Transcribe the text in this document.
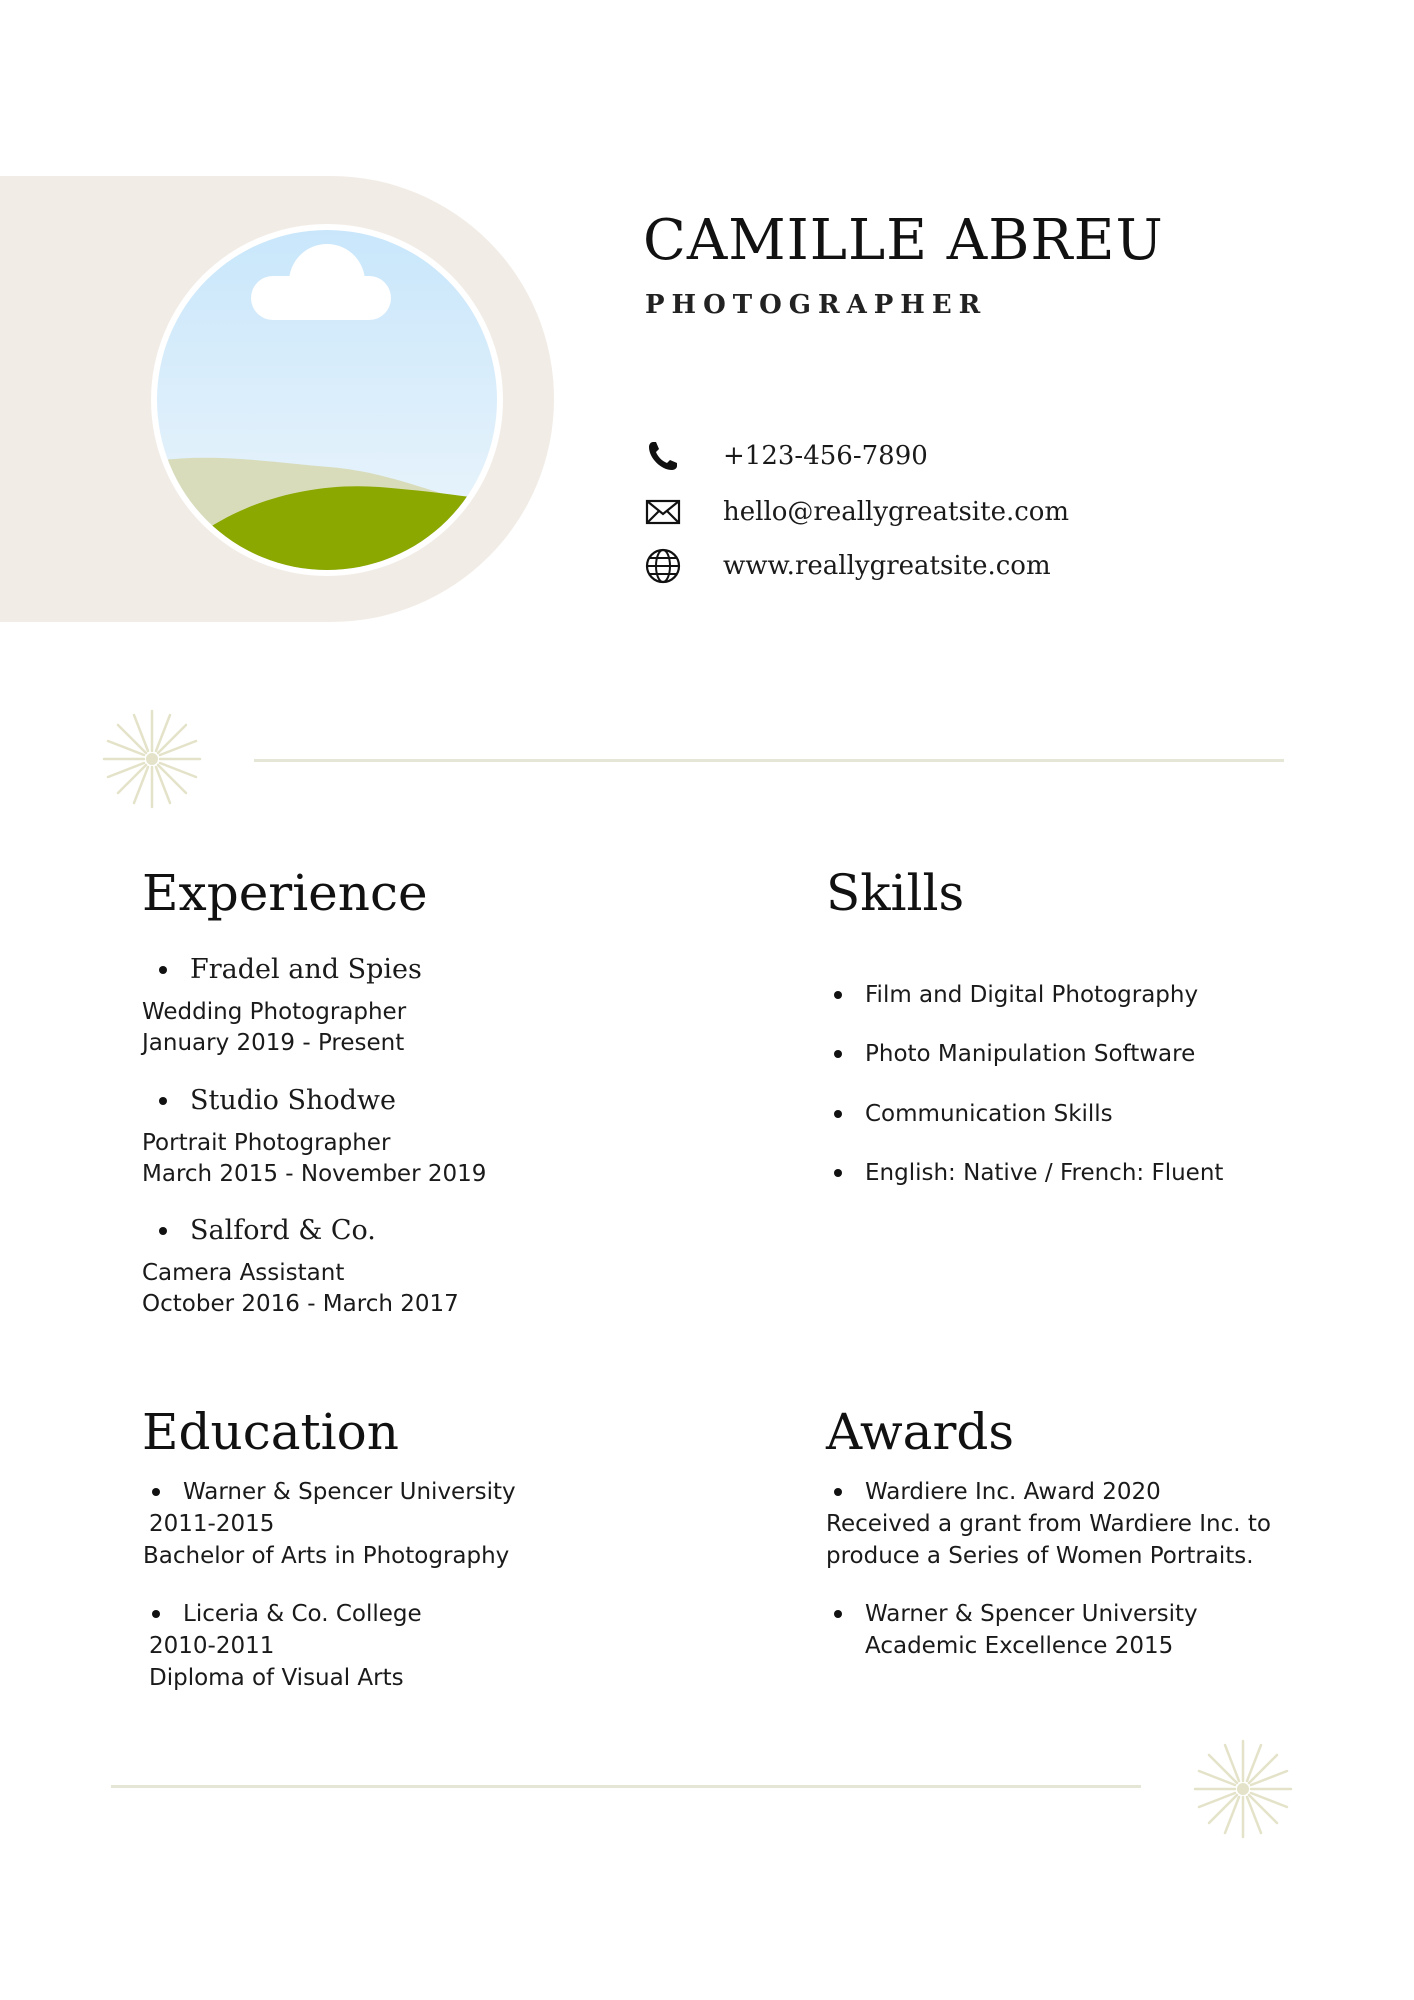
CAMILLE ABREU
PHOTOGRAPHER
+123-456-7890
hello@reallygreatsite.com
www.reallygreatsite.com
Experience
Fradel and Spies
Wedding Photographer
January 2019 - Present
Studio Shodwe
Portrait Photographer
March 2015 - November 2019
Salford & Co.
Camera Assistant
October 2016 - March 2017
Skills
Film and Digital Photography
Photo Manipulation Software
Communication Skills
English: Native / French: Fluent
Education
Warner & Spencer University
2011-2015
Bachelor of Arts in Photography
Liceria & Co. College
2010-2011
Diploma of Visual Arts
Awards
Wardiere Inc. Award 2020
Received a grant from Wardiere Inc. to
produce a Series of Women Portraits.
Warner & Spencer University
Academic Excellence 2015
